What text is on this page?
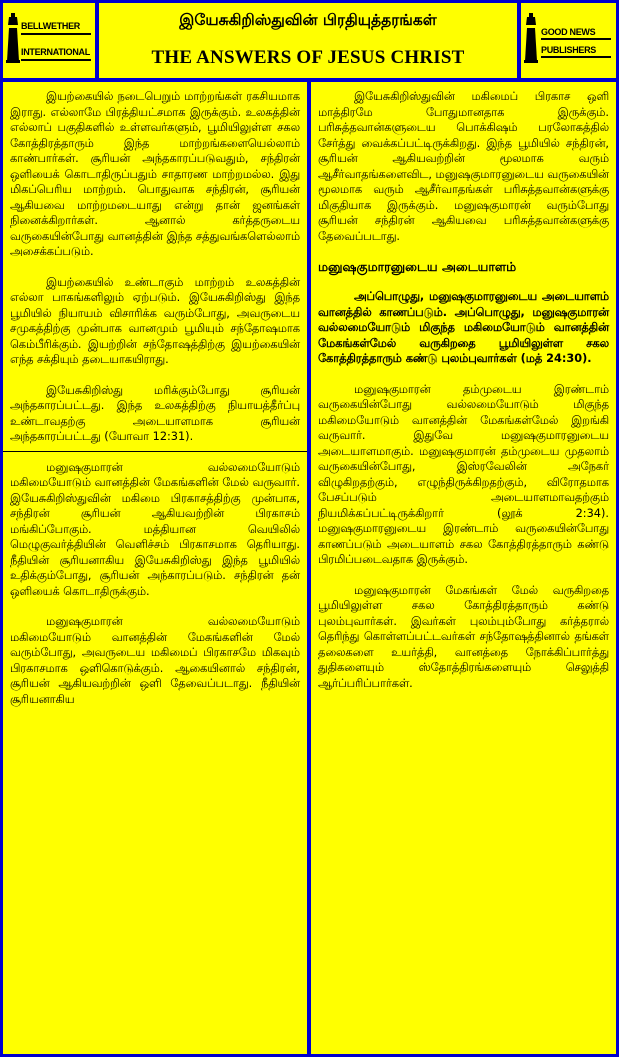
BELLWETHER
INTERNATIONAL
இயேசுகிறிஸ்துவின் பிரதியுத்தரங்கள்
THE ANSWERS OF JESUS CHRIST
GOOD NEWS
PUBLISHERS

இயற்கையில் நடைபெறும் மாற்றங்கள் ரகசியமாக இராது. எல்லாமே பிரத்தியட்சமாக இருக்கும். உலகத்தின் எல்லாப் பகுதிகளில் உள்ளவர்களும், பூமியிலுள்ள சகல கோத்திரத்தாரும் இந்த மாற்றங்களையெல்லாம் காண்பார்கள். சூரியன் அந்தகாரப்படுவதும், சந்திரன் ஒளியைக் கொடாதிருப்பதும் சாதாரண மாற்றமல்ல. இது மிகப்பெரிய மாற்றம். பொதுவாக சந்திரன், சூரியன் ஆகியவை மாற்றமடையாது என்று தான் ஜனங்கள் நினைக்கிறார்கள். ஆனால் கர்த்தருடைய வருகையின்போது வானத்தின் இந்த சத்துவங்களெல்லாம் அசைக்கப்படும்.

இயற்கையில் உண்டாகும் மாற்றம் உலகத்தின் எல்லா பாகங்களிலும் ஏற்படும். இயேசுகிறிஸ்து இந்த பூமியில் நியாயம் விசாரிக்க வரும்போது, அவருடைய சமுகத்திற்கு முன்பாக வானமும் பூமியும் சந்தோஷமாக கெம்பீரிக்கும். இயற்றின் சந்தோஷத்திற்கு இயற்கையின் எந்த சக்தியும் தடையாகயிராது.

இயேசுகிறிஸ்து மரிக்கும்போது சூரியன் அந்தகாரப்பட்டது. இந்த உலகத்திற்கு நியாயத்தீர்ப்பு உண்டாவதற்கு அடையாளமாக சூரியன் அந்தகாரப்பட்டது (யோவா 12:31).

மனுஷகுமாரன் வல்லமையோடும் மகிமையோடும் வானத்தின் மேகங்களின் மேல் வருவார். இயேசுகிறிஸ்துவின் மகிமை பிரகாசத்திற்கு முன்பாக, சந்திரன் சூரியன் ஆகியவற்றின் பிரகாசம் மங்கிப்போகும். மத்தியான வெயிலில் மெழுகுவர்த்தியின் வெளிச்சம் பிரகாசமாக தெரியாது. நீதியின் சூரியனாகிய இயேசுகிறிஸ்து இந்த பூமியில் உதிக்கும்போது, சூரியன் அந்காரப்படும். சந்திரன் தன் ஒளியைக் கொடாதிருக்கும்.

மனுஷகுமாரன் வல்லமையோடும் மகிமையோடும் வானத்தின் மேகங்களின் மேல் வரும்போது, அவருடைய மகிமைப் பிரகாசமே மிகவும் பிரகாசமாக ஒளிகொடுக்கும். ஆகையினால் சந்திரன், சூரியன் ஆகியவற்றின் ஒளி தேவைப்படாது. நீதியின் சூரியனாகிய

இயேசுகிறிஸ்துவின் மகிமைப் பிரகாச ஒளி மாத்திரமே போதுமானதாக இருக்கும். பரிசுத்தவான்களுடைய பொக்கிஷம் பரலோகத்தில் சேர்த்து வைக்கப்பட்டிருக்கிறது. இந்த பூமியில் சந்திரன், சூரியன் ஆகியவற்றின் மூலமாக வரும் ஆசீர்வாதங்களைவிட, மனுஷகுமாரனுடைய வருகையின் மூலமாக வரும் ஆசீர்வாதங்கள் பரிசுத்தவான்களுக்கு மிகுதியாக இருக்கும். மனுஷகுமாரன் வரும்போது சூரியன் சந்திரன் ஆகியவை பரிசுத்தவான்களுக்கு தேவைப்படாது.

மனுஷகுமாரனுடைய அடையாளம்

அப்பொழுது, மனுஷகுமாரனுடைய அடையாளம் வானத்தில் காணப்படும். அப்பொழுது, மனுஷகுமாரன் வல்லமையோடும் மிகுந்த மகிமையோடும் வானத்தின் மேகங்கள்மேல் வருகிறதை பூமியிலுள்ள சகல கோத்திரத்தாரும் கண்டு புலம்புவார்கள் (மத் 24:30).

மனுஷகுமாரன் தம்முடைய இரண்டாம் வருகையின்போது வல்லமையோடும் மிகுந்த மகிமையோடும் வானத்தின் மேகங்கள்மேல் இறங்கி வருவார். இதுவே மனுஷகுமாரனுடைய அடையாளமாகும். மனுஷகுமாரன் தம்முடைய முதலாம் வருகையின்போது, இஸ்ரவேலின் அநேகர் விழுகிறதற்கும், எழுந்திருக்கிறதற்கும், விரோதமாக பேசப்படும் அடையாளமாவதற்கும் நியமிக்கப்பட்டிருக்கிறார் (லூக் 2:34). மனுஷகுமாரனுடைய இரண்டாம் வருகையின்போது காணப்படும் அடையாளம் சகல கோத்திரத்தாரும் கண்டு பிரமிப்படைவதாக இருக்கும்.

மனுஷகுமாரன் மேகங்கள் மேல் வருகிறதை பூமியிலுள்ள சகல கோத்திரத்தாரும் கண்டு புலம்புவார்கள். இவர்கள் புலம்பும்போது கர்த்தரால் தெரிந்து கொள்ளப்பட்டவர்கள் சந்தோஷத்தினால் தங்கள் தலைகளை உயர்த்தி, வானத்தை நோக்கிப்பார்த்து துதிகளையும் ஸ்தோத்திரங்களையும் செலுத்தி ஆர்ப்பரிப்பார்கள்.
